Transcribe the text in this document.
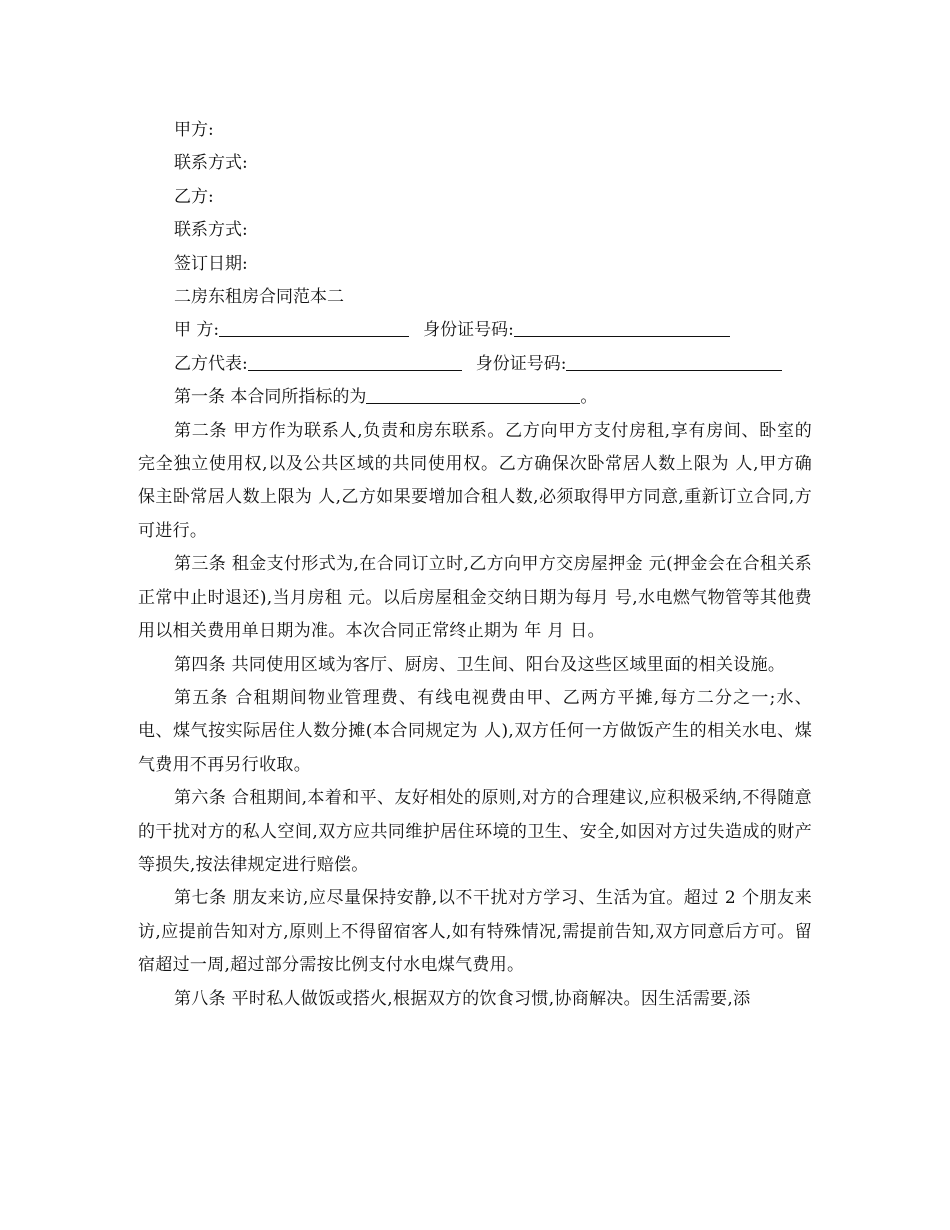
甲方:
联系方式:
乙方:
联系方式:
签订日期:
二房东租房合同范本二
甲 方:	身份证号码:
乙方代表:	身份证号码:
第一条 本合同所指标的为	。
第二条 甲方作为联系人,负责和房东联系。乙方向甲方支付房租,享有房间、卧室的完全独立使用权,以及公共区域的共同使用权。乙方确保次卧常居人数上限为 人,甲方确保主卧常居人数上限为 人,乙方如果要增加合租人数,必须取得甲方同意,重新订立合同,方可进行。
第三条 租金支付形式为,在合同订立时,乙方向甲方交房屋押金 元(押金会在合租关系正常中止时退还),当月房租 元。以后房屋租金交纳日期为每月 号,水电燃气物管等其他费用以相关费用单日期为准。本次合同正常终止期为 年 月 日。
第四条 共同使用区域为客厅、厨房、卫生间、阳台及这些区域里面的相关设施。
第五条 合租期间物业管理费、有线电视费由甲、乙两方平摊,每方二分之一;水、电、煤气按实际居住人数分摊(本合同规定为 人),双方任何一方做饭产生的相关水电、煤气费用不再另行收取。
第六条 合租期间,本着和平、友好相处的原则,对方的合理建议,应积极采纳,不得随意的干扰对方的私人空间,双方应共同维护居住环境的卫生、安全,如因对方过失造成的财产等损失,按法律规定进行赔偿。
第七条 朋友来访,应尽量保持安静,以不干扰对方学习、生活为宜。超过 2 个朋友来访,应提前告知对方,原则上不得留宿客人,如有特殊情况,需提前告知,双方同意后方可。留宿超过一周,超过部分需按比例支付水电煤气费用。
第八条 平时私人做饭或搭火,根据双方的饮食习惯,协商解决。因生活需要,添
